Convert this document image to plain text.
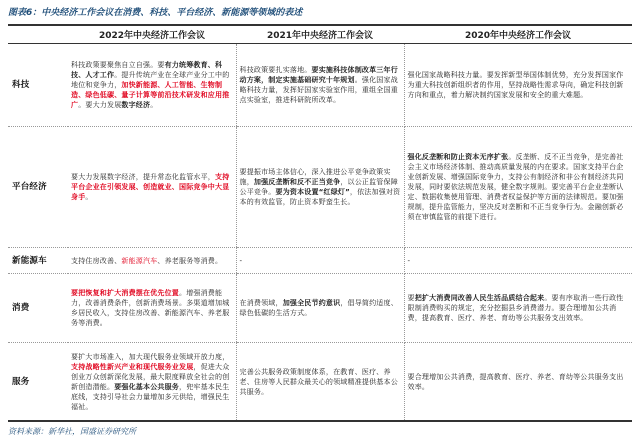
图表6：中央经济工作会议在消费、科技、平台经济、新能源等领域的表述
	2022年中央经济工作会议	2021年中央经济工作会议	2020年中央经济工作会议
科技	科技政策要聚焦自立自强。要有力统筹教育、科技、人才工作。提升传统产业在全球产业分工中的地位和竞争力，加快新能源、人工智能、生物制造、绿色低碳、量子计算等前沿技术研发和应用推广。要大力发展数字经济。	科技政策要扎实落地。要实施科技体制改革三年行动方案，制定实施基础研究十年规划。强化国家战略科技力量，发挥好国家实验室作用，重组全国重点实验室，推进科研院所改革。	强化国家战略科技力量。要发挥新型举国体制优势，充分发挥国家作为重大科技创新组织者的作用，坚持战略性需求导向，确定科技创新方向和重点，着力解决制约国家发展和安全的重大难题。
平台经济	要大力发展数字经济，提升常态化监管水平，支持平台企业在引领发展、创造就业、国际竞争中大显身手。	要提振市场主体信心，深入推进公平竞争政策实施，加强反垄断和反不正当竞争，以公正监管保障公平竞争。要为资本设置“红绿灯”，依法加强对资本的有效监管，防止资本野蛮生长。	强化反垄断和防止资本无序扩张。反垄断、反不正当竞争，是完善社会主义市场经济体制、推动高质量发展的内在要求。国家支持平台企业创新发展、增强国际竞争力，支持公有制经济和非公有制经济共同发展，同时要依法规范发展，健全数字规则。要完善平台企业垄断认定、数据收集使用管理、消费者权益保护等方面的法律规范。要加强规制，提升监管能力，坚决反对垄断和不正当竞争行为。金融创新必须在审慎监管的前提下进行。
新能源车	支持住房改善、新能源汽车、养老服务等消费。	-	-
消费	要把恢复和扩大消费摆在优先位置。增强消费能力，改善消费条件，创新消费场景。多渠道增加城乡居民收入，支持住房改善、新能源汽车、养老服务等消费。	在消费领域，加强全民节约意识，倡导简约适度、绿色低碳的生活方式。	要把扩大消费同改善人民生活品质结合起来。要有序取消一些行政性限制消费购买的规定，充分挖掘县乡消费潜力。要合理增加公共消费，提高教育、医疗、养老、育幼等公共服务支出效率。
服务	要扩大市场准入，加大现代服务业领域开放力度，支持战略性新兴产业和现代服务业发展，促进大众创业万众创新深化发展，最大限度释放全社会的创新创造潜能。要强化基本公共服务，兜牢基本民生底线，支持引导社会力量增加多元供给，增强民生福祉。	完善公共服务政策制度体系，在教育、医疗、养老、住房等人民群众最关心的领域精准提供基本公共服务。	要合理增加公共消费，提高教育、医疗、养老、育幼等公共服务支出效率。
资料来源：新华社，国盛证券研究所
